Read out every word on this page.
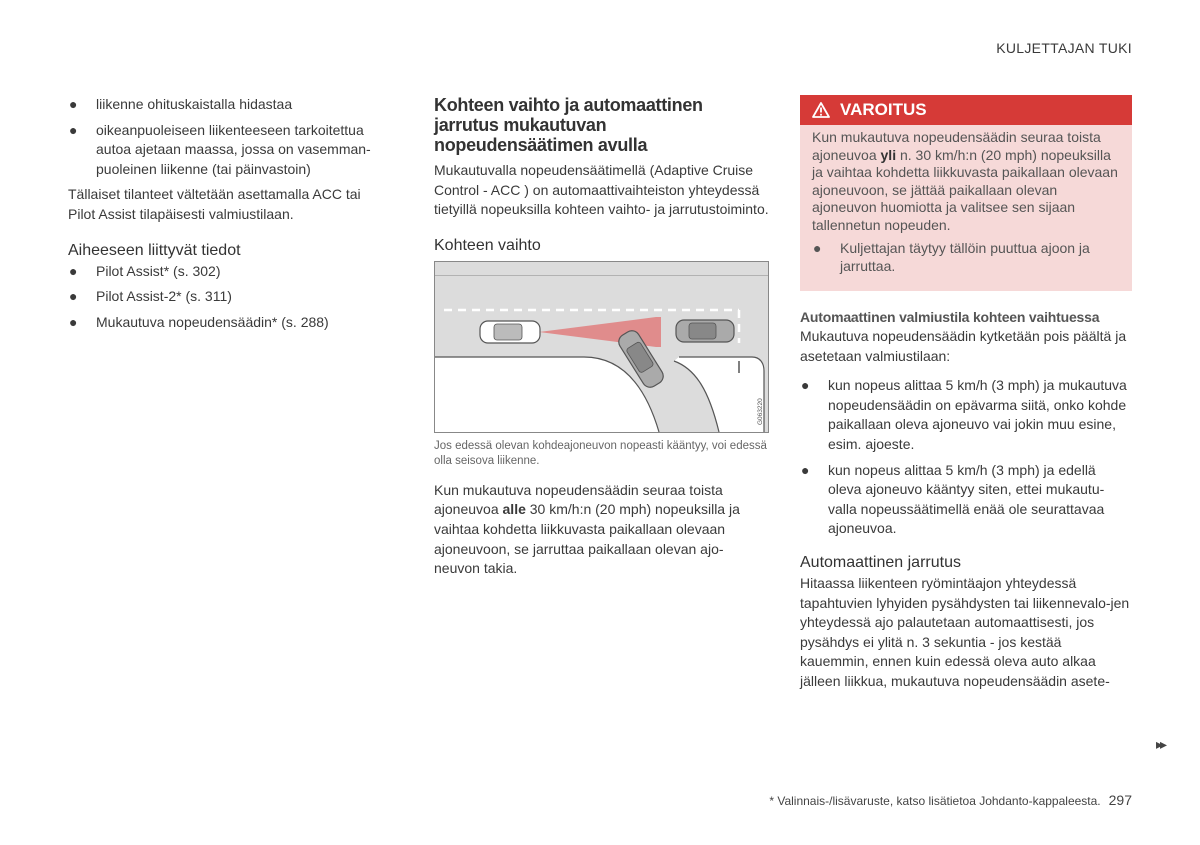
KULJETTAJAN TUKI
● liikenne ohituskaistalla hidastaa
● oikeanpuoleiseen liikenteeseen tarkoitettua autoa ajetaan maassa, jossa on vasemman-puoleinen liikenne (tai päinvastoin)

Tällaiset tilanteet vältetään asettamalla ACC tai Pilot Assist tilapäisesti valmiustilaan.

Aiheeseen liittyvät tiedot
● Pilot Assist* (s. 302)
● Pilot Assist-2* (s. 311)
● Mukautuva nopeudensäädin* (s. 288)
Kohteen vaihto ja automaattinen jarrutus mukautuvan nopeudensäätimen avulla

Mukautuvalla nopeudensäätimellä (Adaptive Cruise Control - ACC ) on automaattivaihteiston yhteydessä tietyillä nopeuksilla kohteen vaihto- ja jarrutustoiminto.

Kohteen vaihto
G063220
Jos edessä olevan kohdeajoneuvon nopeasti kääntyy, voi edessä olla seisova liikenne.

Kun mukautuva nopeudensäädin seuraa toista ajoneuvoa alle 30 km/h:n (20 mph) nopeuksilla ja vaihtaa kohdetta liikkuvasta paikallaan olevaan ajoneuvoon, se jarruttaa paikallaan olevan ajo-neuvon takia.

VAROITUS

Kun mukautuva nopeudensäädin seuraa toista ajoneuvoa yli n. 30 km/h:n (20 mph) nopeuksilla ja vaihtaa kohdetta liikkuvasta paikallaan olevaan ajoneuvoon, se jättää paikallaan olevan ajoneuvon huomiotta ja valitsee sen sijaan tallennetun nopeuden.

● Kuljettajan täytyy tällöin puuttua ajoon ja jarruttaa.
Automaattinen valmiustila kohteen vaihtuessa

Mukautuva nopeudensäädin kytketään pois päältä ja asetetaan valmiustilaan:

● kun nopeus alittaa 5 km/h (3 mph) ja mukautuva nopeudensäädin on epävarma siitä, onko kohde paikallaan oleva ajoneuvo vai jokin muu esine, esim. ajoeste.
● kun nopeus alittaa 5 km/h (3 mph) ja edellä oleva ajoneuvo kääntyy siten, ettei mukautu-valla nopeussäätimellä enää ole seurattavaa ajoneuvoa.
Automaattinen jarrutus

Hitaassa liikenteen ryömintäajon yhteydessä tapahtuvien lyhyiden pysähdysten tai liikennevalo-jen yhteydessä ajo palautetaan automaattisesti, jos pysähdys ei ylitä n. 3 sekuntia - jos kestää kauemmin, ennen kuin edessä oleva auto alkaa jälleen liikkua, mukautuva nopeudensäädin asete-

▸▸
* Valinnais-/lisävaruste, katso lisätietoa Johdanto-kappaleesta. 297
